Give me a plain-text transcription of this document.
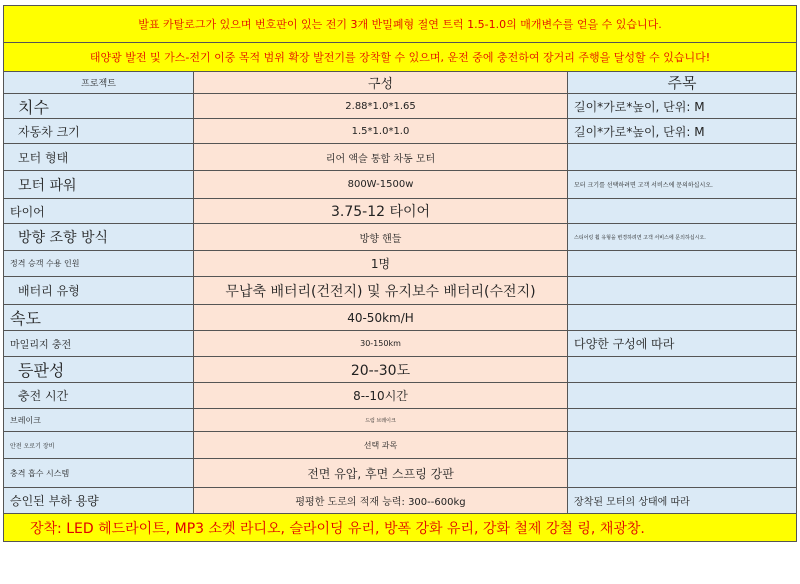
발표 카탈로그가 있으며 번호판이 있는 전기 3개 반밀폐형 절연 트럭 1.5-1.0의 매개변수를 얻을 수 있습니다.		
태양광 발전 및 가스-전기 이중 목적 범위 확장 발전기를 장착할 수 있으며, 운전 중에 충전하여 장거리 주행을 달성할 수 있습니다!		
프로젝트	구성	주목
치수	2.88*1.0*1.65	길이*가로*높이, 단위: M
자동차 크기	1.5*1.0*1.0	길이*가로*높이, 단위: M
모터 형태	리어 액슬 통합 차동 모터	
모터 파워	800W-1500w	모터 크기를 선택하려면 고객 서비스에 문의하십시오.
타이어	3.75-12 타이어	
방향 조향 방식	방향 핸들	스티어링 휠 유형을 변경하려면 고객 서비스에 문의하십시오.
정격 승객 수용 인원	1명	
배터리 유형	무납축 배터리(건전지) 및 유지보수 배터리(수전지)	
속도	40-50km/H	
마일리지 충전	30-150km	다양한 구성에 따라
등판성	20--30도	
충전 시간	8--10시간	
브레이크	드럼 브레이크	
안전 오로기 장비	선택 과목	
충격 흡수 시스템	전면 유압, 후면 스프링 강판	
승인된 부하 용량	평평한 도로의 적재 능력: 300--600kg	장착된 모터의 상태에 따라
장착: LED 헤드라이트, MP3 소켓 라디오, 슬라이딩 유리, 방폭 강화 유리, 강화 철제 강철 링, 채광창.		
